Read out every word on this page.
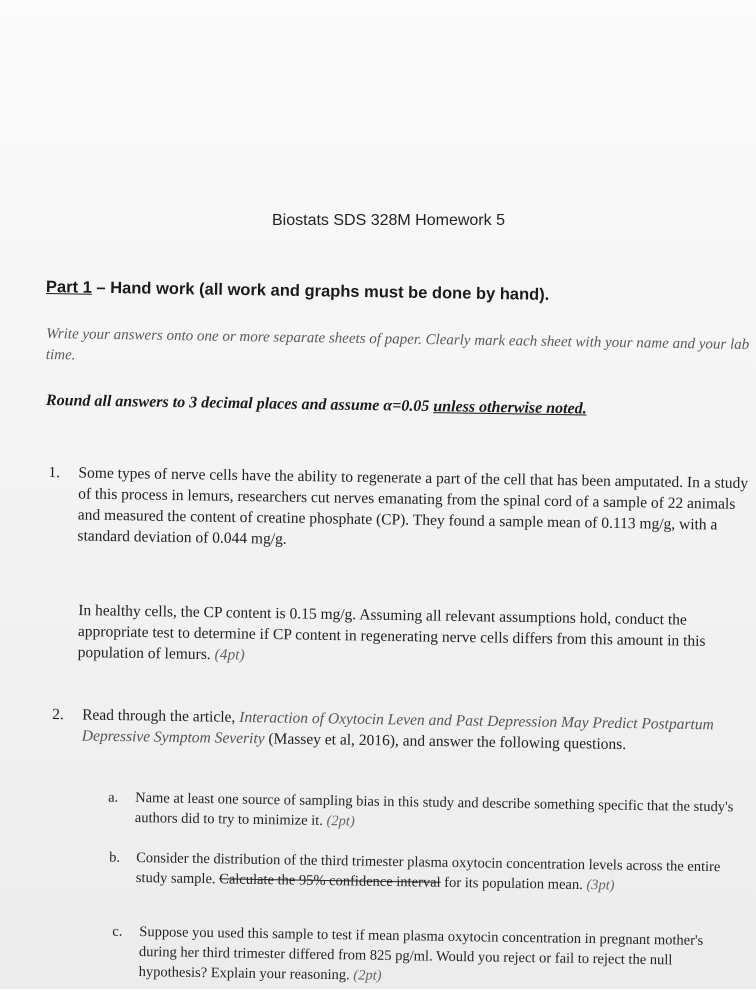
Biostats SDS 328M Homework 5
Part 1 – Hand work (all work and graphs must be done by hand).
Write your answers onto one or more separate sheets of paper. Clearly mark each sheet with your name and your lab time.
Round all answers to 3 decimal places and assume α=0.05 unless otherwise noted.
1. Some types of nerve cells have the ability to regenerate a part of the cell that has been amputated. In a study of this process in lemurs, researchers cut nerves emanating from the spinal cord of a sample of 22 animals and measured the content of creatine phosphate (CP). They found a sample mean of 0.113 mg/g, with a standard deviation of 0.044 mg/g.
In healthy cells, the CP content is 0.15 mg/g. Assuming all relevant assumptions hold, conduct the appropriate test to determine if CP content in regenerating nerve cells differs from this amount in this population of lemurs. (4pt)
2. Read through the article, Interaction of Oxytocin Leven and Past Depression May Predict Postpartum Depressive Symptom Severity (Massey et al, 2016), and answer the following questions.
a. Name at least one source of sampling bias in this study and describe something specific that the study's authors did to try to minimize it. (2pt)
b. Consider the distribution of the third trimester plasma oxytocin concentration levels across the entire study sample. Calculate the 95% confidence interval for its population mean. (3pt)
c. Suppose you used this sample to test if mean plasma oxytocin concentration in pregnant mother's during her third trimester differed from 825 pg/ml. Would you reject or fail to reject the null hypothesis? Explain your reasoning. (2pt)
